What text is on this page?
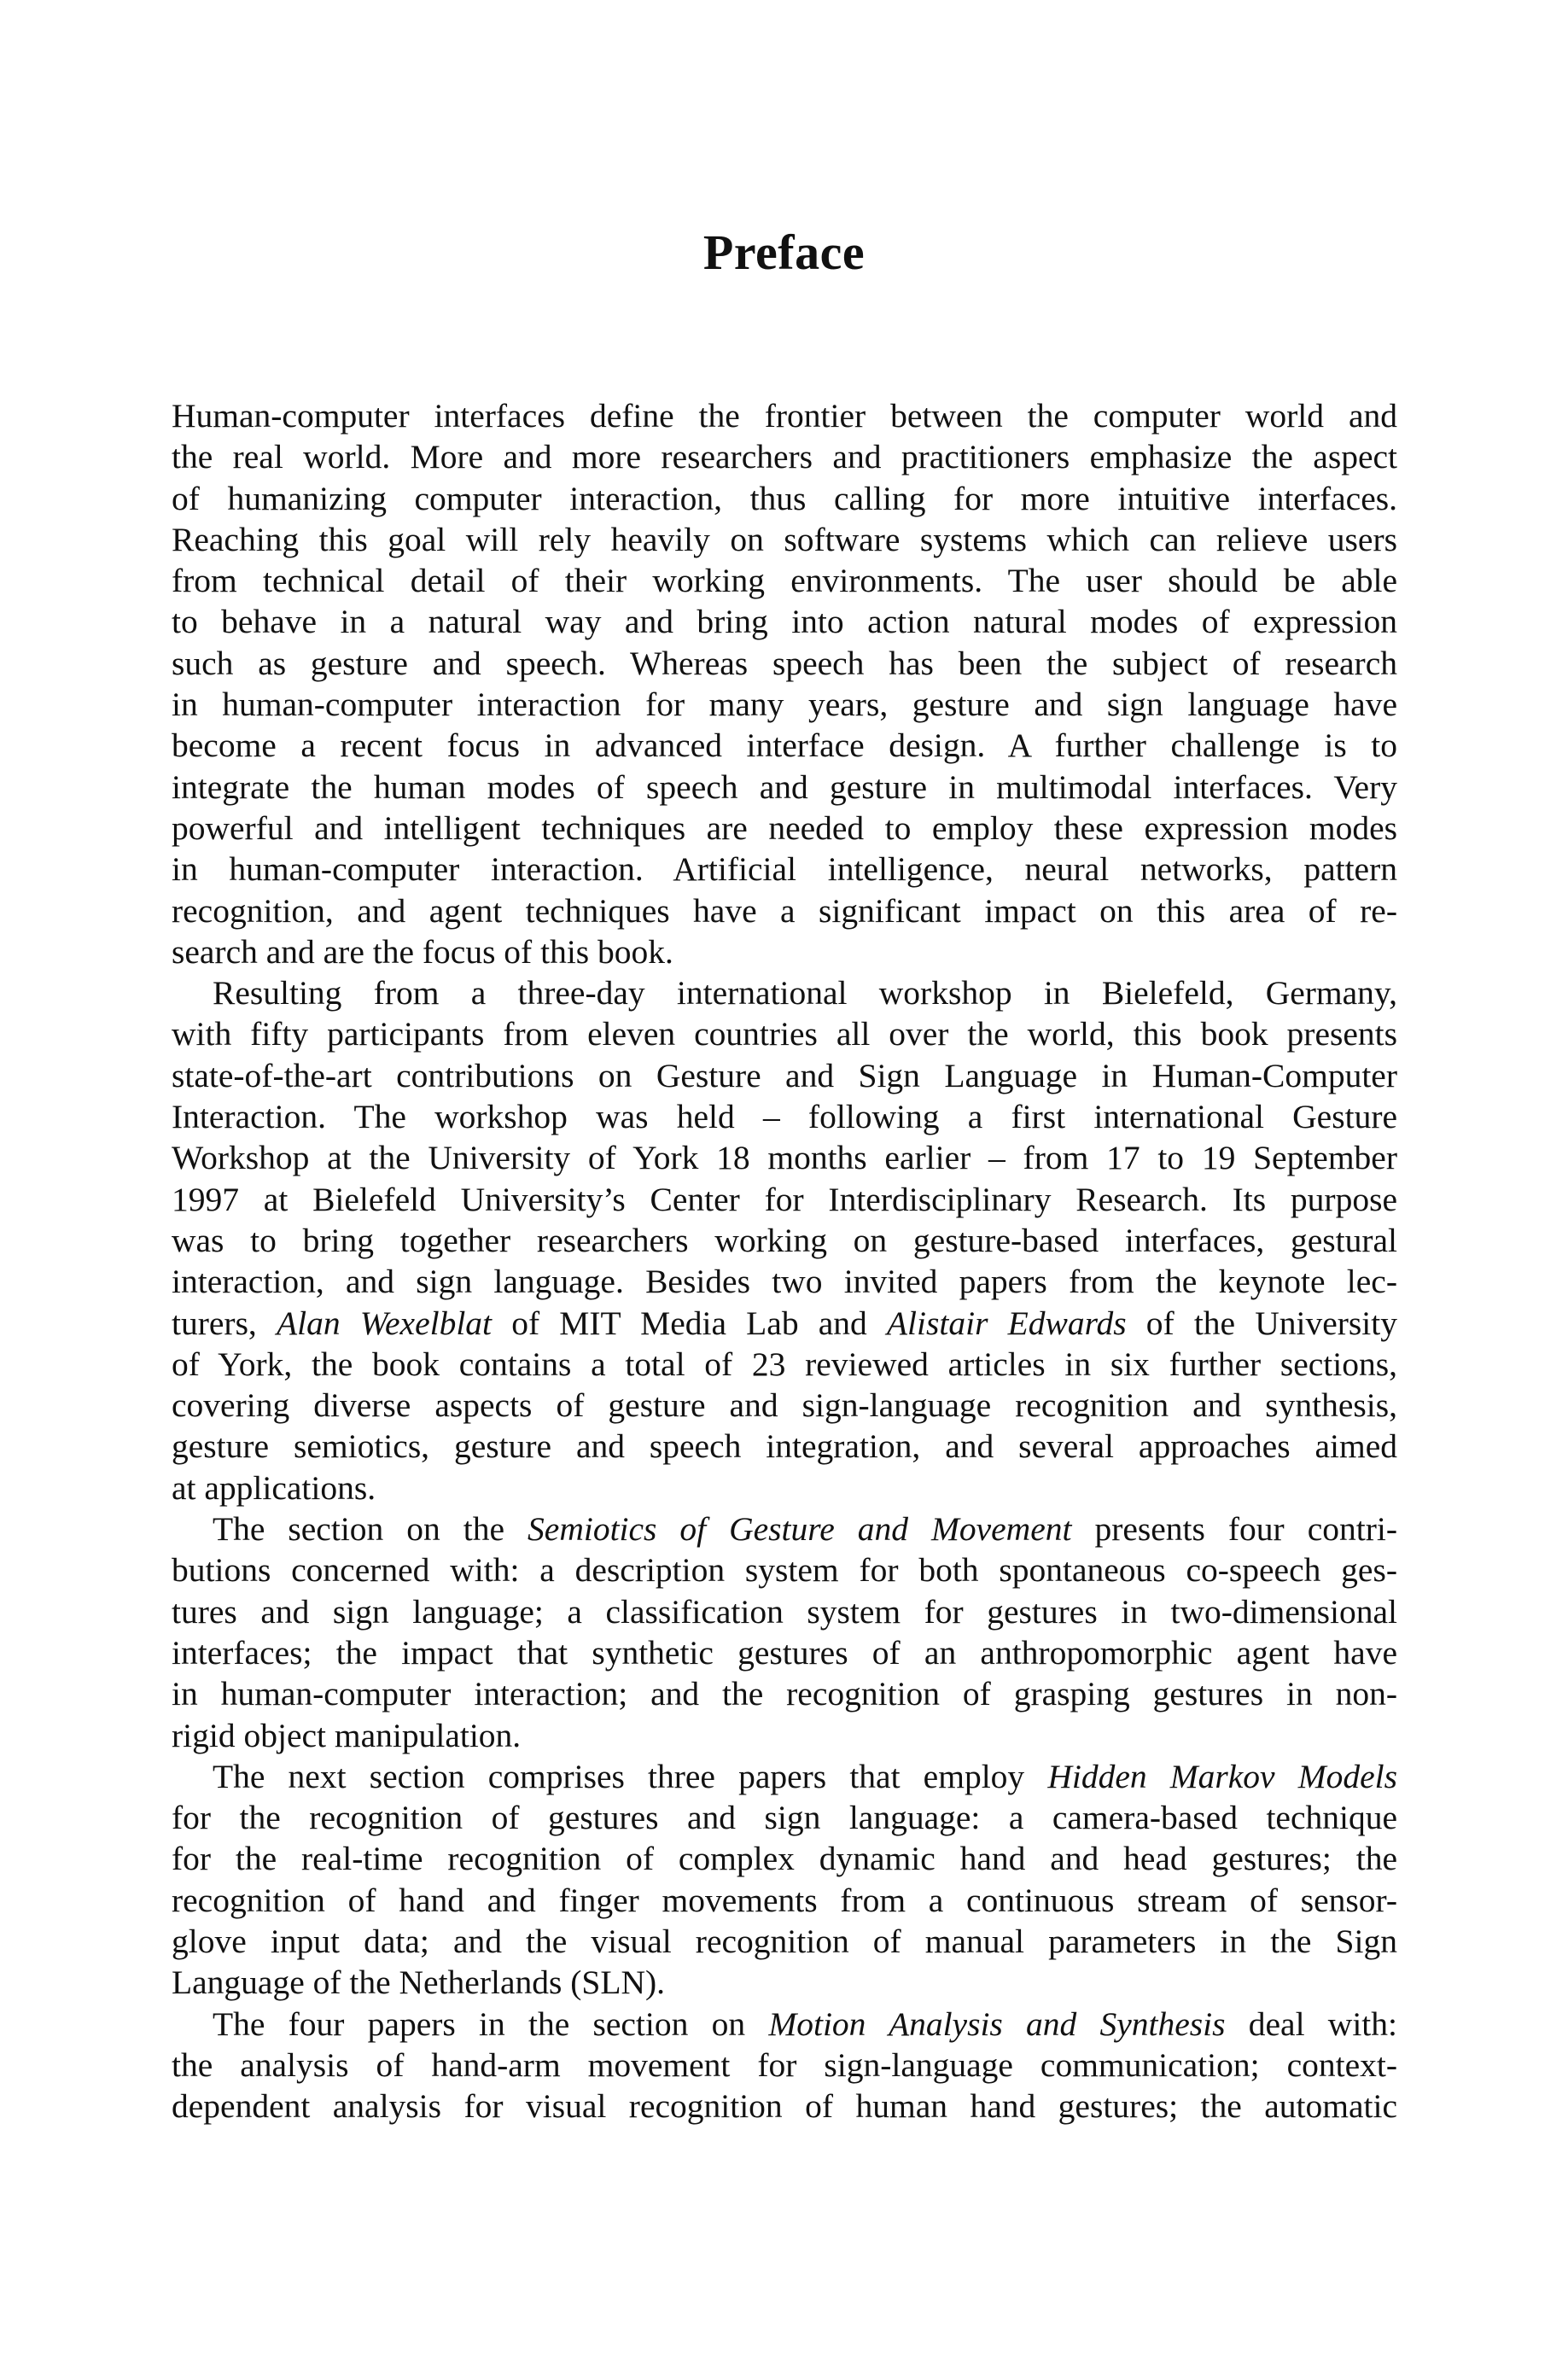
Preface
Human-computer interfaces define the frontier between the computer world and
the real world. More and more researchers and practitioners emphasize the aspect
of humanizing computer interaction, thus calling for more intuitive interfaces.
Reaching this goal will rely heavily on software systems which can relieve users
from technical detail of their working environments. The user should be able
to behave in a natural way and bring into action natural modes of expression
such as gesture and speech. Whereas speech has been the subject of research
in human-computer interaction for many years, gesture and sign language have
become a recent focus in advanced interface design. A further challenge is to
integrate the human modes of speech and gesture in multimodal interfaces. Very
powerful and intelligent techniques are needed to employ these expression modes
in human-computer interaction. Artificial intelligence, neural networks, pattern
recognition, and agent techniques have a significant impact on this area of re-
search and are the focus of this book.
Resulting from a three-day international workshop in Bielefeld, Germany,
with fifty participants from eleven countries all over the world, this book presents
state-of-the-art contributions on Gesture and Sign Language in Human-Computer
Interaction. The workshop was held – following a first international Gesture
Workshop at the University of York 18 months earlier – from 17 to 19 September
1997 at Bielefeld University’s Center for Interdisciplinary Research. Its purpose
was to bring together researchers working on gesture-based interfaces, gestural
interaction, and sign language. Besides two invited papers from the keynote lec-
turers, Alan Wexelblat of MIT Media Lab and Alistair Edwards of the University
of York, the book contains a total of 23 reviewed articles in six further sections,
covering diverse aspects of gesture and sign-language recognition and synthesis,
gesture semiotics, gesture and speech integration, and several approaches aimed
at applications.
The section on the Semiotics of Gesture and Movement presents four contri-
butions concerned with: a description system for both spontaneous co-speech ges-
tures and sign language; a classification system for gestures in two-dimensional
interfaces; the impact that synthetic gestures of an anthropomorphic agent have
in human-computer interaction; and the recognition of grasping gestures in non-
rigid object manipulation.
The next section comprises three papers that employ Hidden Markov Models
for the recognition of gestures and sign language: a camera-based technique
for the real-time recognition of complex dynamic hand and head gestures; the
recognition of hand and finger movements from a continuous stream of sensor-
glove input data; and the visual recognition of manual parameters in the Sign
Language of the Netherlands (SLN).
The four papers in the section on Motion Analysis and Synthesis deal with:
the analysis of hand-arm movement for sign-language communication; context-
dependent analysis for visual recognition of human hand gestures; the automatic
